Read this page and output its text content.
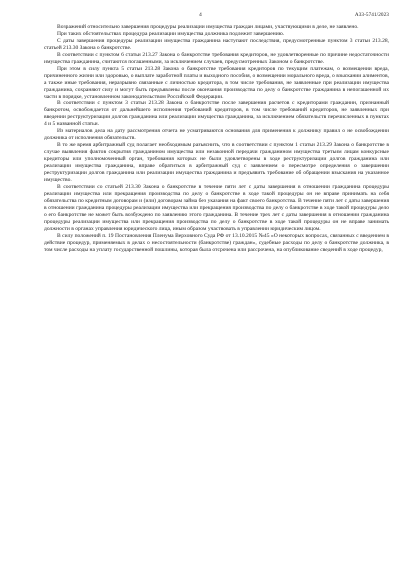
4	А33-5741/2023

Возражений относительно завершения процедуры реализации имущества граждан лицами, участвующими в деле, не заявлено.

При таких обстоятельствах процедура реализации имущества должника подлежит завершению.

С даты завершения процедуры реализации имущества гражданина наступают последствия, предусмотренные пунктом 3 статьи 213.28, статьей 213.30 Закона о банкротстве.

В соответствии с пунктом 6 статьи 213.27 Закона о банкротстве требования кредиторов, не удовлетворенные по причине недостаточности имущества гражданина, считаются погашенными, за исключением случаев, предусмотренных Законом о банкротстве.

При этом в силу пункта 5 статьи 213.28 Закона о банкротстве требования кредиторов по текущим платежам, о возмещении вреда, причиненного жизни или здоровью, о выплате заработной платы и выходного пособия, о возмещении морального вреда, о взыскании алиментов, а также иные требования, неразрывно связанные с личностью кредитора, в том числе требования, не заявленные при реализации имущества гражданина, сохраняют силу и могут быть предъявлены после окончания производства по делу о банкротстве гражданина в непогашенной их части в порядке, установленном законодательством Российской Федерации.

В соответствии с пунктом 3 статьи 213.28 Закона о банкротстве после завершения расчетов с кредиторами гражданин, признанный банкротом, освобождается от дальнейшего исполнения требований кредиторов, в том числе требований кредиторов, не заявленных при введении реструктуризации долгов гражданина или реализации имущества гражданина, за исключением обязательств перечисленных в пунктах 4 и 5 названной статьи.

Из материалов дела на дату рассмотрения отчета не усматриваются основания для применения к должнику правил о не освобождении должника от исполнения обязательств.

В то же время арбитражный суд полагает необходимым разъяснить, что в соответствии с пунктом 1 статьи 213.29 Закона о банкротстве в случае выявления фактов сокрытия гражданином имущества или незаконной передачи гражданином имущества третьим лицам конкурсные кредиторы или уполномоченный орган, требования которых не были удовлетворены в ходе реструктуризации долгов гражданина или реализации имущества гражданина, вправе обратиться в арбитражный суд с заявлением о пересмотре определения о завершении реструктуризации долгов гражданина или реализации имущества гражданина и предъявить требование об обращении взыскания на указанное имущество.

В соответствии со статьей 213.30 Закона о банкротстве в течение пяти лет с даты завершения в отношении гражданина процедуры реализации имущества или прекращения производства по делу о банкротстве в ходе такой процедуры он не вправе принимать на себя обязательства по кредитным договорам и (или) договорам займа без указания на факт своего банкротства. В течение пяти лет с даты завершения в отношении гражданина процедуры реализации имущества или прекращения производства по делу о банкротстве в ходе такой процедуры дело о его банкротстве не может быть возбуждено по заявлению этого гражданина. В течение трех лет с даты завершения в отношении гражданина процедуры реализации имущества или прекращения производства по делу о банкротстве в ходе такой процедуры он не вправе занимать должности в органах управления юридического лица, иным образом участвовать в управлении юридическим лицом.

В силу положений п. 19 Постановления Пленума Верховного Суда РФ от 13.10.2015 №45 «О некоторых вопросах, связанных с введением в действие процедур, применяемых в делах о несостоятельности (банкротстве) граждан», судебные расходы по делу о банкротстве должника, в том числе расходы на уплату государственной пошлины, которая была отсрочена или рассрочена, на опубликование сведений в ходе процедур,
